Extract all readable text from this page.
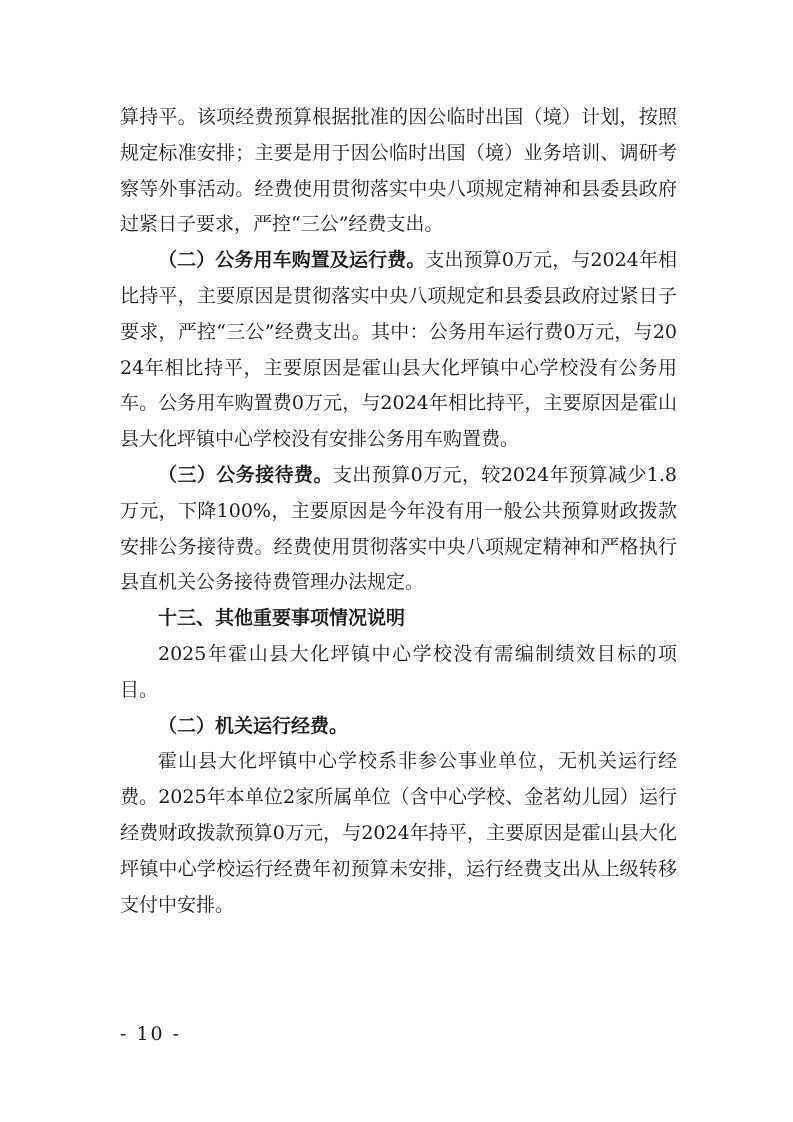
算持平。该项经费预算根据批准的因公临时出国（境）计划，按照规定标准安排；主要是用于因公临时出国（境）业务培训、调研考察等外事活动。经费使用贯彻落实中央八项规定精神和县委县政府过紧日子要求，严控“三公”经费支出。

（二）公务用车购置及运行费。支出预算0万元，与2024年相比持平，主要原因是贯彻落实中央八项规定和县委县政府过紧日子要求，严控“三公”经费支出。其中：公务用车运行费0万元，与2024年相比持平，主要原因是霍山县大化坪镇中心学校没有公务用车。公务用车购置费0万元，与2024年相比持平，主要原因是霍山县大化坪镇中心学校没有安排公务用车购置费。

（三）公务接待费。支出预算0万元，较2024年预算减少1.8万元，下降100%，主要原因是今年没有用一般公共预算财政拨款安排公务接待费。经费使用贯彻落实中央八项规定精神和严格执行县直机关公务接待费管理办法规定。

十三、其他重要事项情况说明

2025年霍山县大化坪镇中心学校没有需编制绩效目标的项目。

（二）机关运行经费。

霍山县大化坪镇中心学校系非参公事业单位，无机关运行经费。2025年本单位2家所属单位（含中心学校、金茗幼儿园）运行经费财政拨款预算0万元，与2024年持平，主要原因是霍山县大化坪镇中心学校运行经费年初预算未安排，运行经费支出从上级转移支付中安排。

- 10 -
